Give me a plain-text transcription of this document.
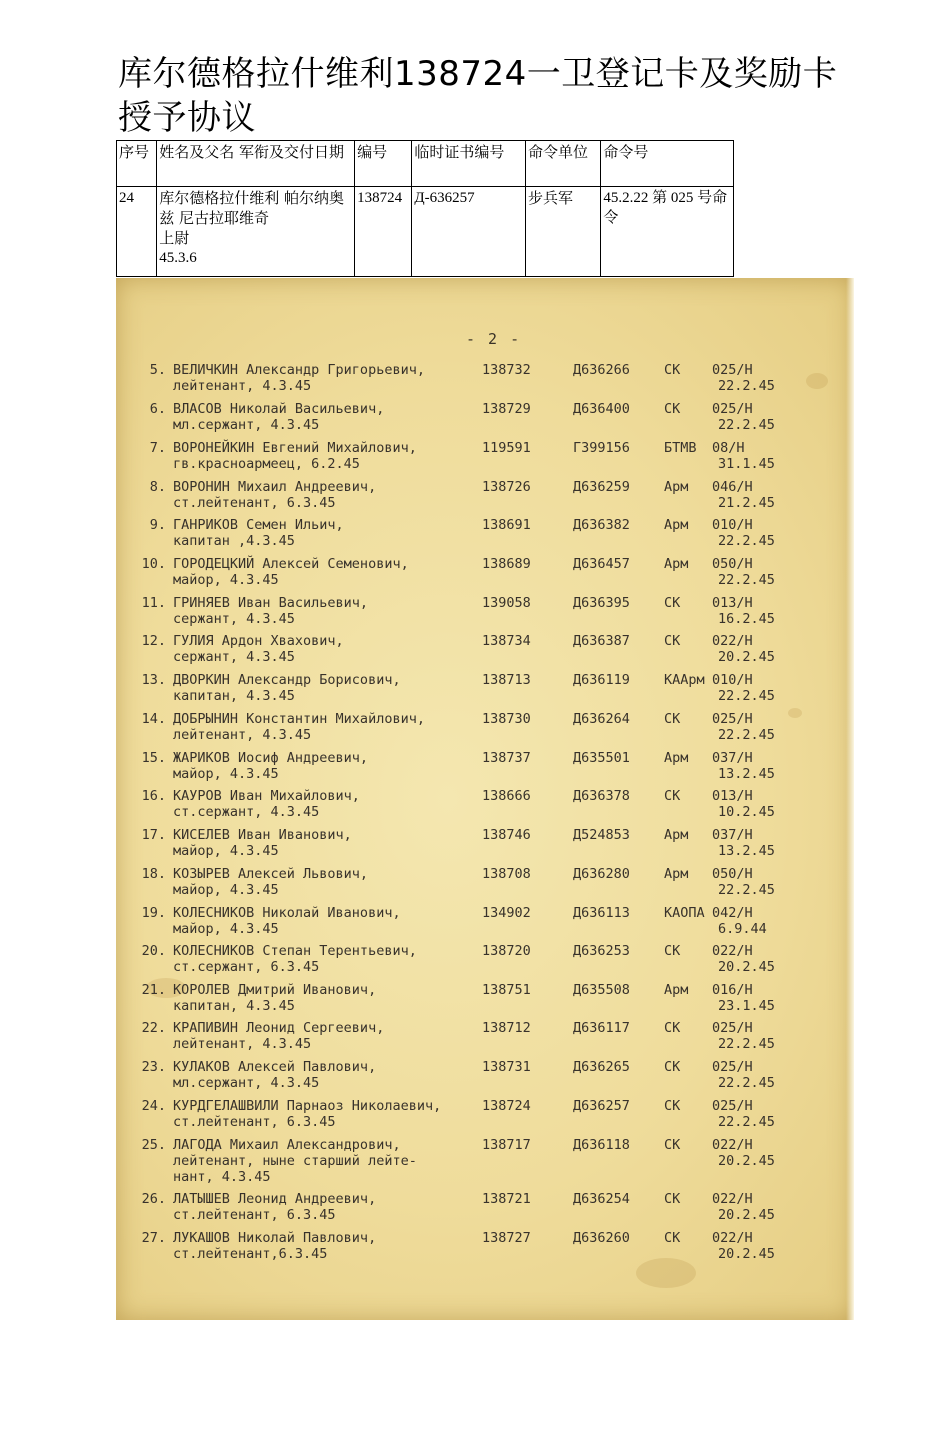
库尔德格拉什维利138724一卫登记卡及奖励卡授予协议
序号	姓名及父名 军衔及交付日期	编号	临时证书编号	命令单位	命令号
24	库尔德格拉什维利 帕尔纳奥兹 尼古拉耶维奇
上尉
45.3.6	138724	Д-636257	步兵军	45.2.22 第 025 号命令
- 2 -
5. ВЕЛИЧКИН Александр Григорьевич,
лейтенант, 4.3.45
138732	Д636266	СК 025/Н
22.2.45
6. ВЛАСОВ Николай Васильевич,
мл.сержант, 4.3.45
138729	Д636400	СК 025/Н
22.2.45
7. ВОРОНЕЙКИН Евгений Михайлович,
гв.красноармеец, 6.2.45
119591	Г399156	БТМВ 08/Н
31.1.45
8. ВОРОНИН Михаил Андреевич,
ст.лейтенант, 6.3.45
138726	Д636259	Арм 046/Н
21.2.45
9. ГАНРИКОВ Семен Ильич,
капитан ,4.3.45
138691	Д636382	Арм 010/Н
22.2.45
10. ГОРОДЕЦКИЙ Алексей Семенович,
майор, 4.3.45
138689	Д636457	Арм 050/Н
22.2.45
11. ГРИНЯЕВ Иван Васильевич,
сержант, 4.3.45
139058	Д636395	СК 013/Н
16.2.45
12. ГУЛИЯ Ардон Хвахович,
сержант, 4.3.45
138734	Д636387	СК 022/Н
20.2.45
13. ДВОРКИН Александр Борисович,
капитан, 4.3.45
138713	Д636119	КААрм 010/Н
22.2.45
14. ДОБРЫНИН Константин Михайлович,
лейтенант, 4.3.45
138730	Д636264	СК 025/Н
22.2.45
15. ЖАРИКОВ Иосиф Андреевич,
майор, 4.3.45
138737	Д635501	Арм 037/Н
13.2.45
16. КАУРОВ Иван Михайлович,
ст.сержант, 4.3.45
138666	Д636378	СК 013/Н
10.2.45
17. КИСЕЛЕВ Иван Иванович,
майор, 4.3.45
138746	Д524853	Арм 037/Н
13.2.45
18. КОЗЫРЕВ Алексей Львович,
майор, 4.3.45
138708	Д636280	Арм 050/Н
22.2.45
19. КОЛЕСНИКОВ Николай Иванович,
майор, 4.3.45
134902	Д636113	КАОПА 042/Н
6.9.44
20. КОЛЕСНИКОВ Степан Терентьевич,
ст.сержант, 6.3.45
138720	Д636253	СК 022/Н
20.2.45
21. КОРОЛЕВ Дмитрий Иванович,
капитан, 4.3.45
138751	Д635508	Арм 016/Н
23.1.45
22. КРАПИВИН Леонид Сергеевич,
лейтенант, 4.3.45
138712	Д636117	СК 025/Н
22.2.45
23. КУЛАКОВ Алексей Павлович,
мл.сержант, 4.3.45
138731	Д636265	СК 025/Н
22.2.45
24. КУРДГЕЛАШВИЛИ Парнаоз Николаевич,
ст.лейтенант, 6.3.45
138724	Д636257	СК 025/Н
22.2.45
25. ЛАГОДА Михаил Александрович,
лейтенант, ныне старший лейте-
нант, 4.3.45
138717	Д636118	СК 022/Н
20.2.45
26. ЛАТЫШЕВ Леонид Андреевич,
ст.лейтенант, 6.3.45
138721	Д636254	СК 022/Н
20.2.45
27. ЛУКАШОВ Николай Павлович,
ст.лейтенант,6.3.45
138727	Д636260	СК 022/Н
20.2.45
